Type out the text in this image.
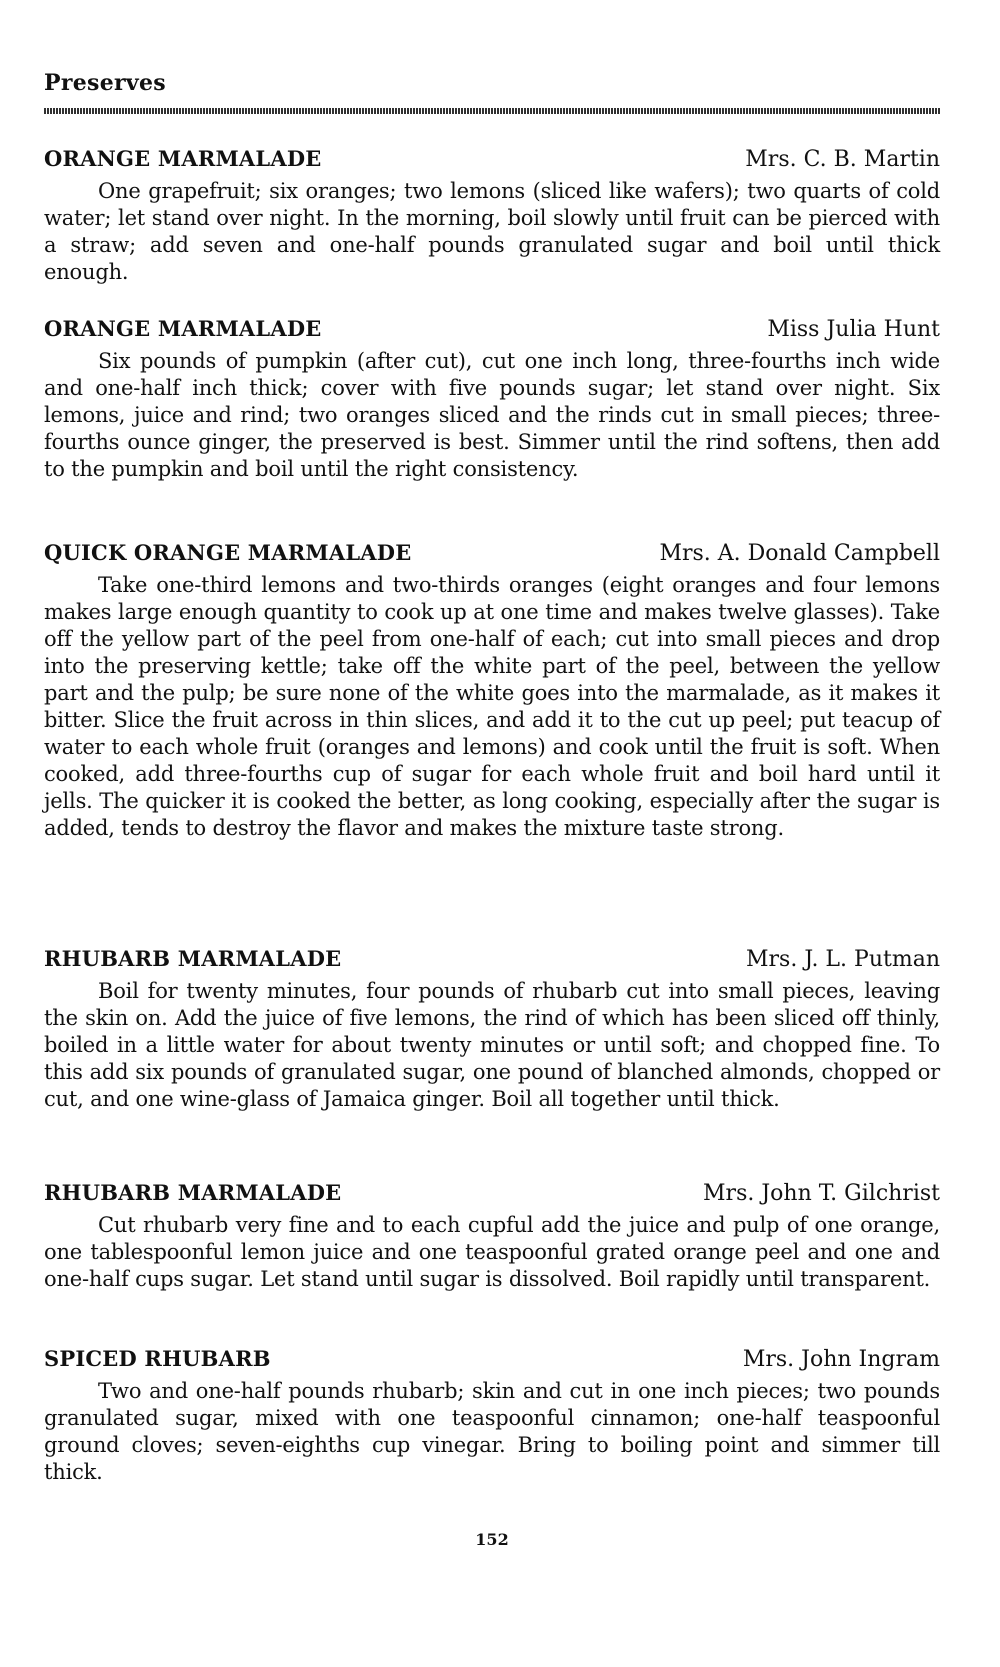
Preserves
ORANGE MARMALADE	Mrs. C. B. Martin

One grapefruit; six oranges; two lemons (sliced like wafers); two quarts of cold water; let stand over night. In the morning, boil slowly until fruit can be pierced with a straw; add seven and one-half pounds granulated sugar and boil until thick enough.

ORANGE MARMALADE	Miss Julia Hunt

Six pounds of pumpkin (after cut), cut one inch long, three-fourths inch wide and one-half inch thick; cover with five pounds sugar; let stand over night. Six lemons, juice and rind; two oranges sliced and the rinds cut in small pieces; three-fourths ounce ginger, the preserved is best. Simmer until the rind softens, then add to the pumpkin and boil until the right consistency.

QUICK ORANGE MARMALADE	Mrs. A. Donald Campbell

Take one-third lemons and two-thirds oranges (eight oranges and four lemons makes large enough quantity to cook up at one time and makes twelve glasses). Take off the yellow part of the peel from one-half of each; cut into small pieces and drop into the preserving kettle; take off the white part of the peel, between the yellow part and the pulp; be sure none of the white goes into the marmalade, as it makes it bitter. Slice the fruit across in thin slices, and add it to the cut up peel; put teacup of water to each whole fruit (oranges and lemons) and cook until the fruit is soft. When cooked, add three-fourths cup of sugar for each whole fruit and boil hard until it jells. The quicker it is cooked the better, as long cooking, especially after the sugar is added, tends to destroy the flavor and makes the mixture taste strong.

RHUBARB MARMALADE	Mrs. J. L. Putman

Boil for twenty minutes, four pounds of rhubarb cut into small pieces, leaving the skin on. Add the juice of five lemons, the rind of which has been sliced off thinly, boiled in a little water for about twenty minutes or until soft; and chopped fine. To this add six pounds of granulated sugar, one pound of blanched almonds, chopped or cut, and one wine-glass of Jamaica ginger. Boil all together until thick.

RHUBARB MARMALADE	Mrs. John T. Gilchrist

Cut rhubarb very fine and to each cupful add the juice and pulp of one orange, one tablespoonful lemon juice and one teaspoonful grated orange peel and one and one-half cups sugar. Let stand until sugar is dissolved. Boil rapidly until transparent.

SPICED RHUBARB	Mrs. John Ingram

Two and one-half pounds rhubarb; skin and cut in one inch pieces; two pounds granulated sugar, mixed with one teaspoonful cinnamon; one-half teaspoonful ground cloves; seven-eighths cup vinegar. Bring to boiling point and simmer till thick.

152
